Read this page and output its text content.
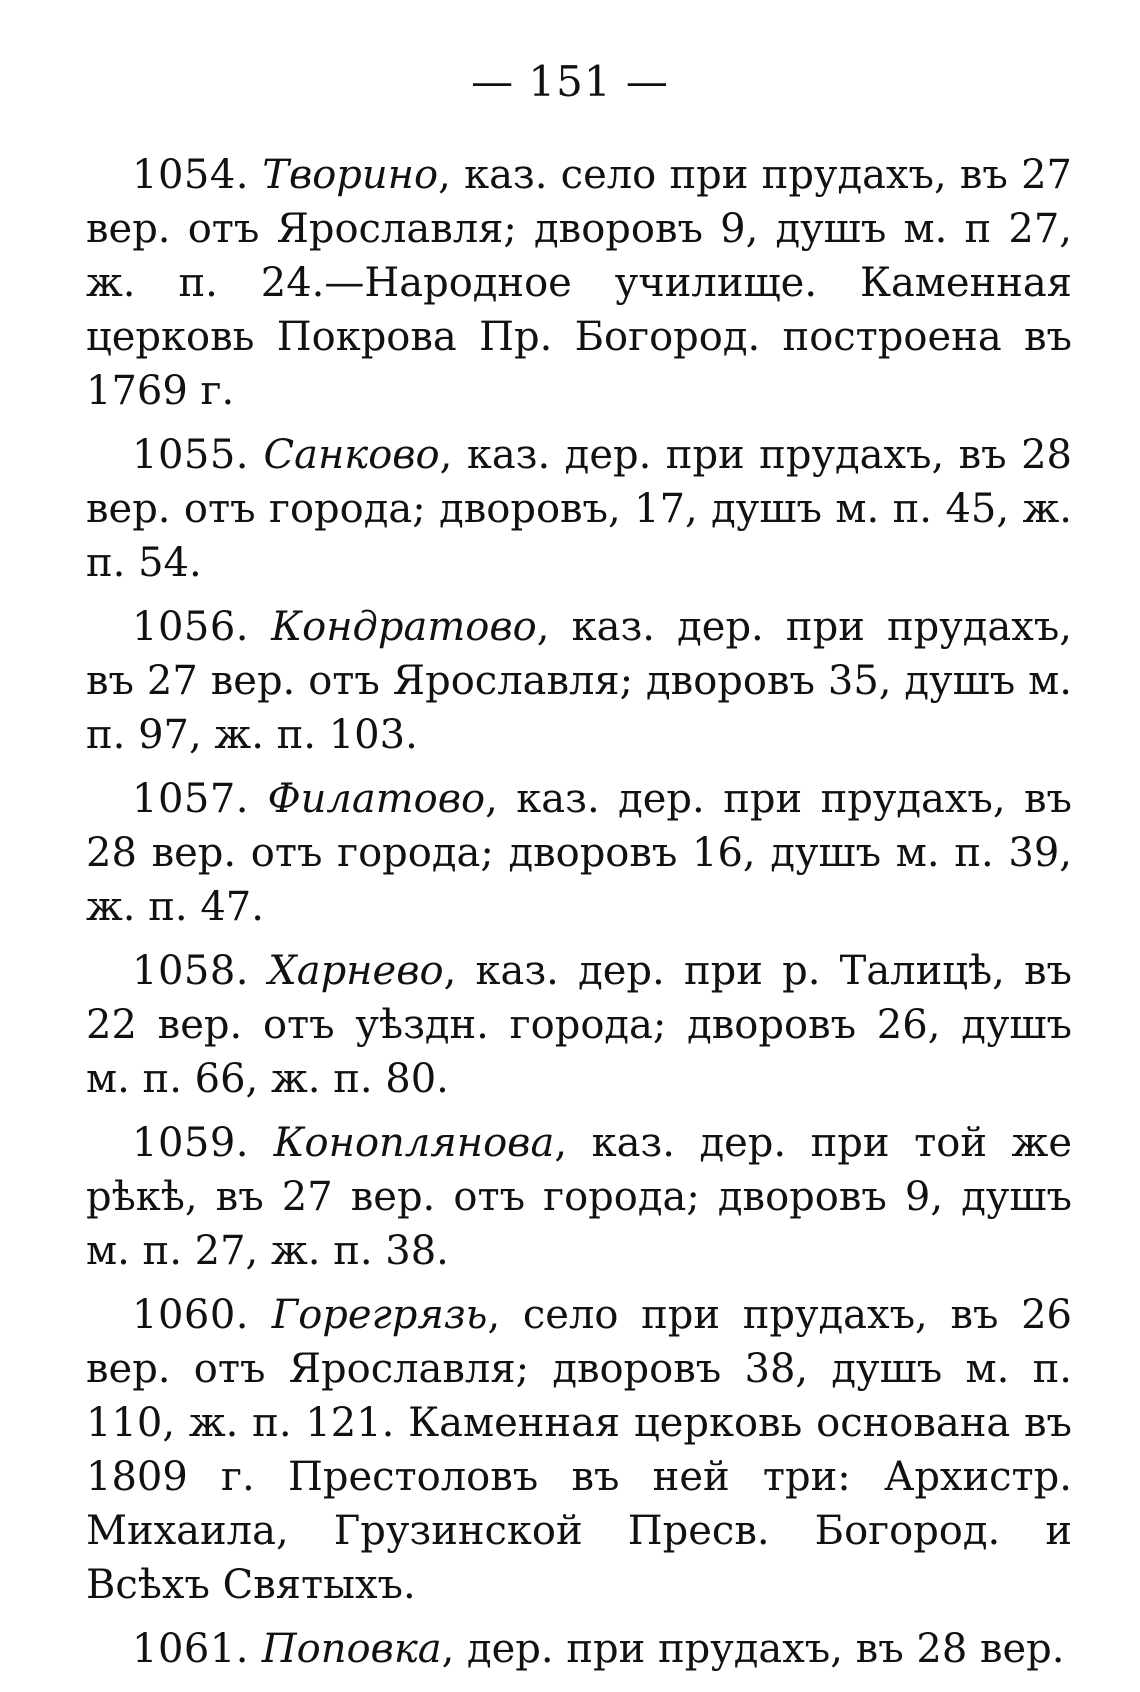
— 151 —

1054. Творино, каз. село при прудахъ, въ 27 вер. отъ Ярославля; дворовъ 9, душъ м. п 27, ж. п. 24.—Народное училище. Каменная церковь Покрова Пр. Богород. построена въ 1769 г.

1055. Санково, каз. дер. при прудахъ, въ 28 вер. отъ города; дворовъ, 17, душъ м. п. 45, ж. п. 54.

1056. Кондратово, каз. дер. при прудахъ, въ 27 вер. отъ Ярославля; дворовъ 35, душъ м. п. 97, ж. п. 103.

1057. Филатово, каз. дер. при прудахъ, въ 28 вер. отъ города; дворовъ 16, душъ м. п. 39, ж. п. 47.

1058. Харнево, каз. дер. при р. Талицѣ, въ 22 вер. отъ уѣздн. города; дворовъ 26, душъ м. п. 66, ж. п. 80.

1059. Коноплянова, каз. дер. при той же рѣкѣ, въ 27 вер. отъ города; дворовъ 9, душъ м. п. 27, ж. п. 38.

1060. Горегрязь, село при прудахъ, въ 26 вер. отъ Ярославля; дворовъ 38, душъ м. п. 110, ж. п. 121. Каменная церковь основана въ 1809 г. Престоловъ въ ней три: Архистр. Михаила, Грузинской Пресв. Богород. и Всѣхъ Святыхъ.

1061. Поповка, дер. при прудахъ, въ 28 вер.
